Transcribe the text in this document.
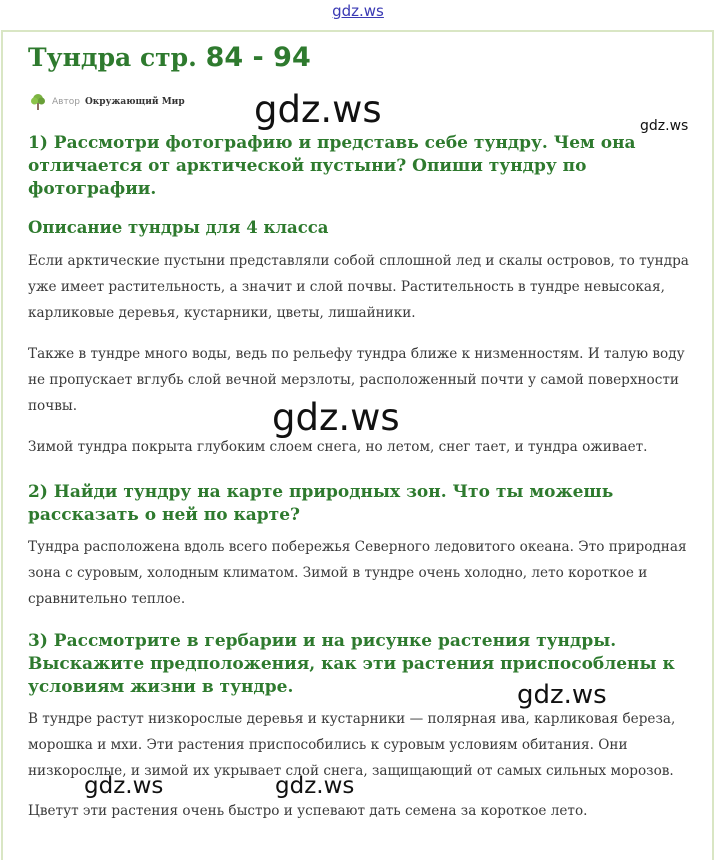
gdz.ws
Тундра стр. 84 - 94
Автор Окружающий Мир gdz.ws	gdz.ws
1) Рассмотри фотографию и представь себе тундру. Чем она
отличается от арктической пустыни? Опиши тундру по
фотографии.
Описание тундры для 4 класса

Если арктические пустыни представляли собой сплошной лед и скалы островов, то тундра
уже имеет растительность, а значит и слой почвы. Растительность в тундре невысокая,
карликовые деревья, кустарники, цветы, лишайники.

Также в тундре много воды, ведь по рельефу тундра ближе к низменностям. И талую воду
не пропускает вглубь слой вечной мерзлоты, расположенный почти у самой поверхности
почвы.	gdz.ws

Зимой тундра покрыта глубоким слоем снега, но летом, снег тает, и тундра оживает.

2) Найди тундру на карте природных зон. Что ты можешь
рассказать о ней по карте?

Тундра расположена вдоль всего побережья Северного ледовитого океана. Это природная
зона с суровым, холодным климатом. Зимой в тундре очень холодно, лето короткое и
сравнительно теплое.

3) Рассмотрите в гербарии и на рисунке растения тундры.
Выскажите предположения, как эти растения приспособлены к
условиям жизни в тундре.	gdz.ws

В тундре растут низкорослые деревья и кустарники — полярная ива, карликовая береза,
морошка и мхи. Эти растения приспособились к суровым условиям обитания. Они
низкорослые, и зимой их укрывает слой снега, защищающий от самых сильных морозов.

gdz.ws	gdz.ws

Цветут эти растения очень быстро и успевают дать семена за короткое лето.
